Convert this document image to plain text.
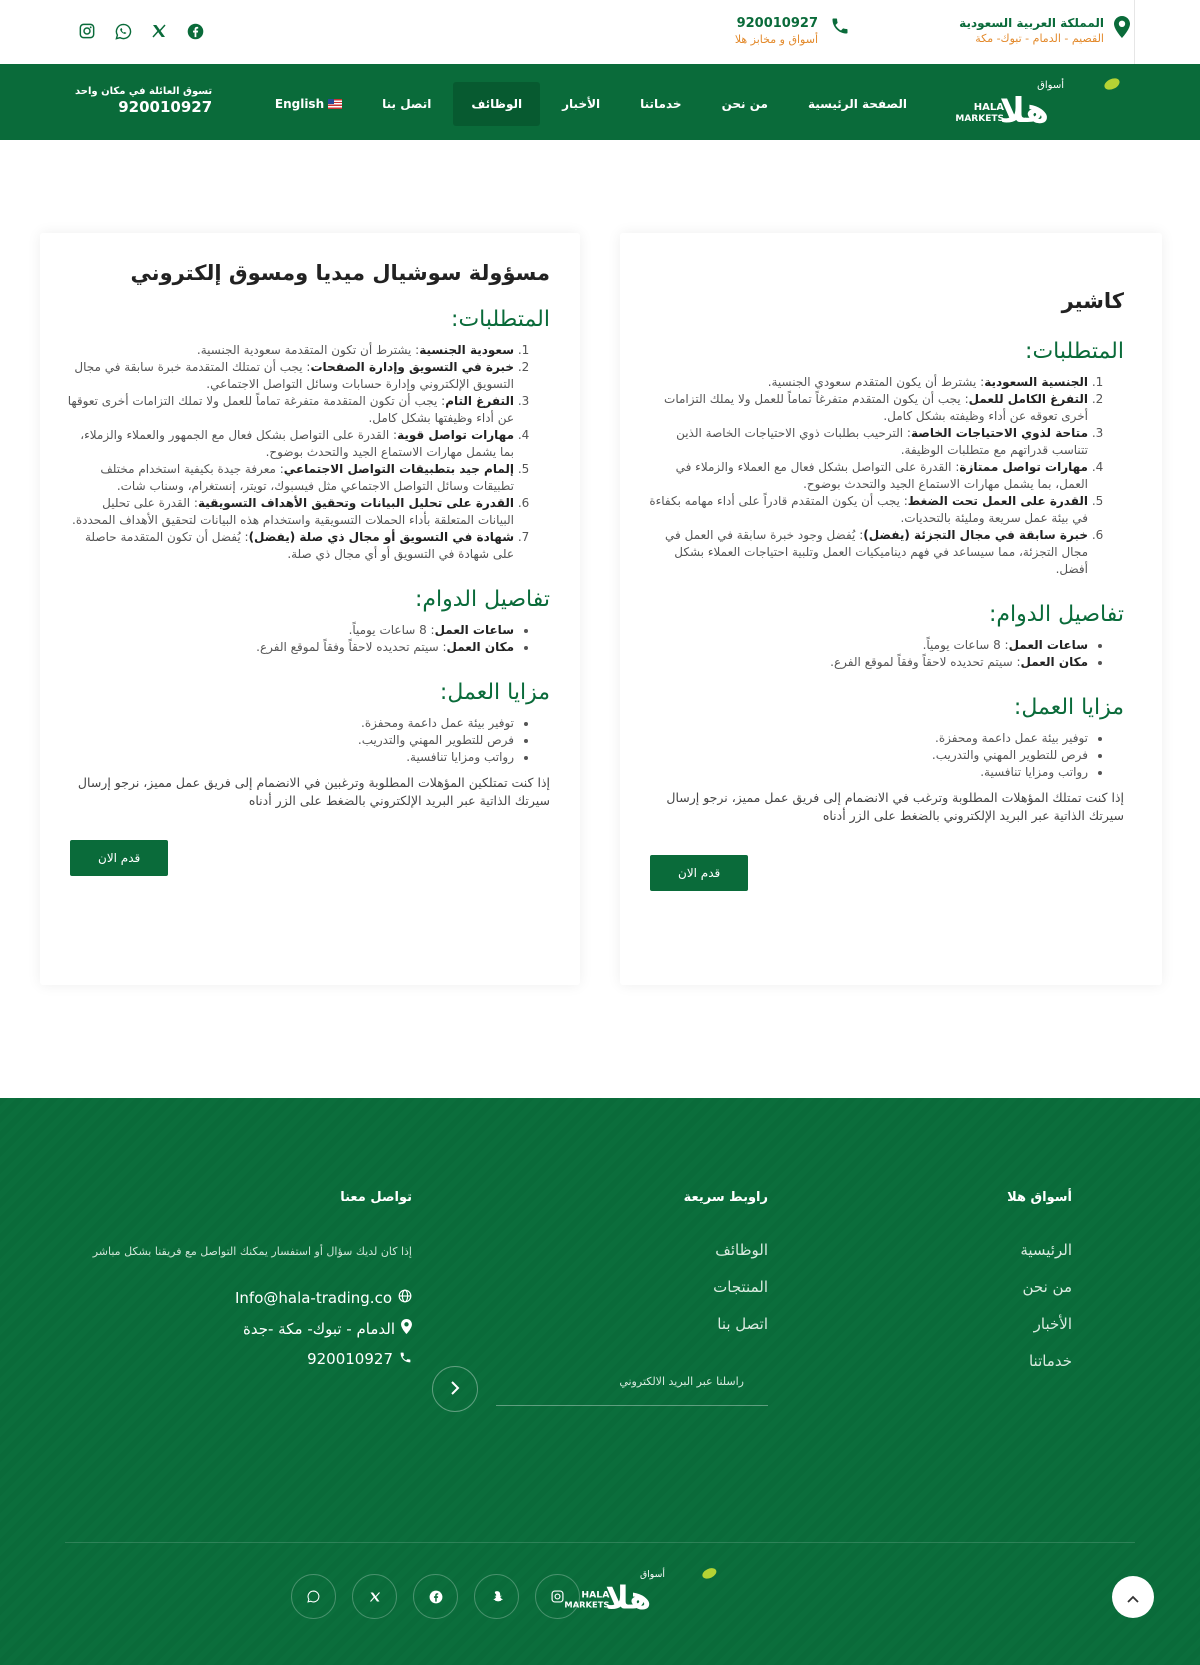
المملكة العربية السعودية
القصيم - الدمام - تبوك- مكة
920010927
أسواق و مخابز هلا
أسواق
هلا
HALA
MARKETS
الصفحة الرئيسية
من نحن
خدماتنا
الأخبار
الوظائف
اتصل بنا
English
تسوق العائلة في مكان واحد
920010927
كاشير
المتطلبات:
1. الجنسية السعودية: يشترط أن يكون المتقدم سعودي الجنسية.
2. التفرغ الكامل للعمل: يجب أن يكون المتقدم متفرغاً تماماً للعمل ولا يملك التزامات أخرى تعوقه عن أداء وظيفته بشكل كامل.
3. متاحة لذوي الاحتياجات الخاصة: الترحيب بطلبات ذوي الاحتياجات الخاصة الذين تتناسب قدراتهم مع متطلبات الوظيفة.
4. مهارات تواصل ممتازة: القدرة على التواصل بشكل فعال مع العملاء والزملاء في العمل، بما يشمل مهارات الاستماع الجيد والتحدث بوضوح.
5. القدرة على العمل تحت الضغط: يجب أن يكون المتقدم قادراً على أداء مهامه بكفاءة في بيئة عمل سريعة ومليئة بالتحديات.
6. خبرة سابقة في مجال التجزئة (يفضل): يُفضل وجود خبرة سابقة في العمل في مجال التجزئة، مما سيساعد في فهم ديناميكيات العمل وتلبية احتياجات العملاء بشكل أفضل.
تفاصيل الدوام:
• ساعات العمل: 8 ساعات يومياً.
• مكان العمل: سيتم تحديده لاحقاً وفقاً لموقع الفرع.
مزايا العمل:
• توفير بيئة عمل داعمة ومحفزة.
• فرص للتطوير المهني والتدريب.
• رواتب ومزايا تنافسية.

إذا كنت تمتلك المؤهلات المطلوبة وترغب في الانضمام إلى فريق عمل مميز، نرجو إرسال سيرتك الذاتية عبر البريد الإلكتروني بالضغط على الزر أدناه

قدم الان
مسؤولة سوشيال ميديا ومسوق إلكتروني
المتطلبات:
1. سعودية الجنسية: يشترط أن تكون المتقدمة سعودية الجنسية.
2. خبرة في التسويق وإدارة الصفحات: يجب أن تمتلك المتقدمة خبرة سابقة في مجال التسويق الإلكتروني وإدارة حسابات وسائل التواصل الاجتماعي.
3. التفرغ التام: يجب أن تكون المتقدمة متفرغة تماماً للعمل ولا تملك التزامات أخرى تعوقها عن أداء وظيفتها بشكل كامل.
4. مهارات تواصل قوية: القدرة على التواصل بشكل فعال مع الجمهور والعملاء والزملاء، بما يشمل مهارات الاستماع الجيد والتحدث بوضوح.
5. إلمام جيد بتطبيقات التواصل الاجتماعي: معرفة جيدة بكيفية استخدام مختلف تطبيقات وسائل التواصل الاجتماعي مثل فيسبوك، تويتر، إنستغرام، وسناب شات.
6. القدرة على تحليل البيانات وتحقيق الأهداف التسويقية: القدرة على تحليل البيانات المتعلقة بأداء الحملات التسويقية واستخدام هذه البيانات لتحقيق الأهداف المحددة.
7. شهادة في التسويق أو مجال ذي صلة (يفضل): يُفضل أن تكون المتقدمة حاصلة على شهادة في التسويق أو أي مجال ذي صلة.
تفاصيل الدوام:
• ساعات العمل: 8 ساعات يومياً.
• مكان العمل: سيتم تحديده لاحقاً وفقاً لموقع الفرع.
مزايا العمل:
• توفير بيئة عمل داعمة ومحفزة.
• فرص للتطوير المهني والتدريب.
• رواتب ومزايا تنافسية.

إذا كنت تمتلكين المؤهلات المطلوبة وترغبين في الانضمام إلى فريق عمل مميز، نرجو إرسال سيرتك الذاتية عبر البريد الإلكتروني بالضغط على الزر أدناه

قدم الان
أسواق هلا
الرئيسية
من نحن
الأخبار
خدماتنا
راوبط سريعة
الوظائف
المنتجات
اتصل بنا
راسلنا عبر البريد الالكتروني
تواصل معنا
إذا كان لديك سؤال أو استفسار يمكنك التواصل مع فريقنا بشكل مباشر
Info@hala-trading.co
الدمام - تبوك- مكة -جدة
920010927
أسواق
هلا
HALA
MARKETS
